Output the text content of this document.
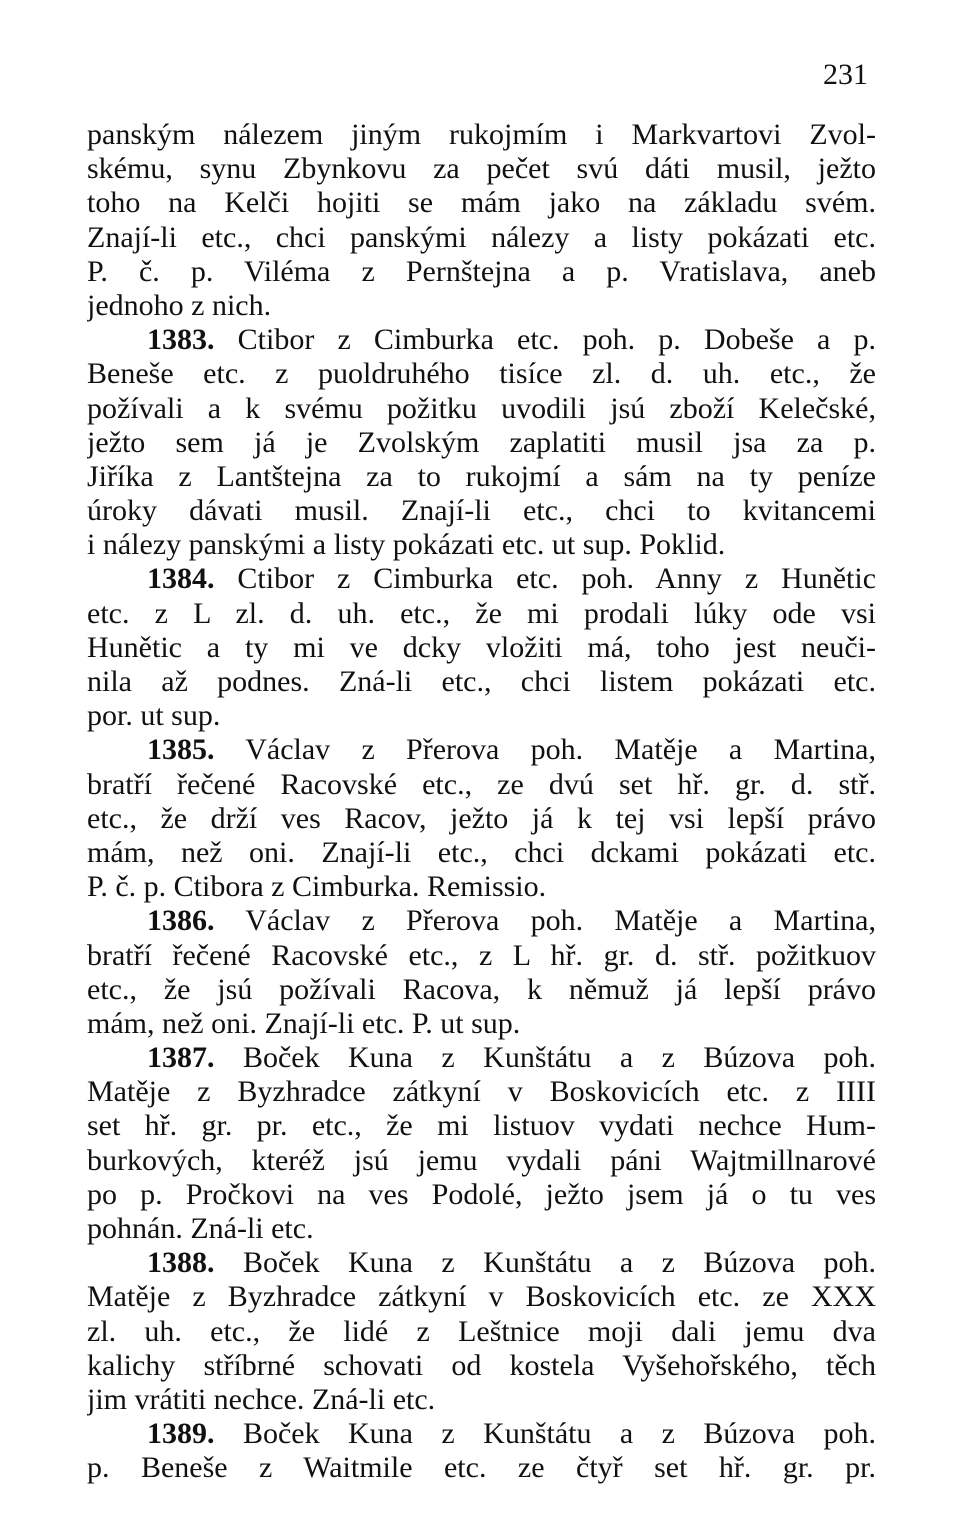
231
panským nálezem jiným rukojmím i Markvartovi Zvol-
skému, synu Zbynkovu za pečet svú dáti musil, ježto
toho na Kelči hojiti se mám jako na základu svém.
Znají-li etc., chci panskými nálezy a listy pokázati etc.
P. č. p. Viléma z Pernštejna a p. Vratislava, aneb
jednoho z nich.
1383. Ctibor z Cimburka etc. poh. p. Dobeše a p.
Beneše etc. z puoldruhého tisíce zl. d. uh. etc., že
požívali a k svému požitku uvodili jsú zboží Kelečské,
ježto sem já je Zvolským zaplatiti musil jsa za p.
Jiříka z Lantštejna za to rukojmí a sám na ty peníze
úroky dávati musil. Znají-li etc., chci to kvitancemi
i nálezy panskými a listy pokázati etc. ut sup. Poklid.
1384. Ctibor z Cimburka etc. poh. Anny z Hunětic
etc. z L zl. d. uh. etc., že mi prodali lúky ode vsi
Hunětic a ty mi ve dcky vložiti má, toho jest neuči-
nila až podnes. Zná-li etc., chci listem pokázati etc.
por. ut sup.
1385. Václav z Přerova poh. Matěje a Martina,
bratří řečené Racovské etc., ze dvú set hř. gr. d. stř.
etc., že drží ves Racov, ježto já k tej vsi lepší právo
mám, než oni. Znají-li etc., chci dckami pokázati etc.
P. č. p. Ctibora z Cimburka. Remissio.
1386. Václav z Přerova poh. Matěje a Martina,
bratří řečené Racovské etc., z L hř. gr. d. stř. požitkuov
etc., že jsú požívali Racova, k němuž já lepší právo
mám, než oni. Znají-li etc. P. ut sup.
1387. Boček Kuna z Kunštátu a z Búzova poh.
Matěje z Byzhradce zátkyní v Boskovicích etc. z IIII
set hř. gr. pr. etc., že mi listuov vydati nechce Hum-
burkových, kteréž jsú jemu vydali páni Wajtmillnarové
po p. Pročkovi na ves Podolé, ježto jsem já o tu ves
pohnán. Zná-li etc.
1388. Boček Kuna z Kunštátu a z Búzova poh.
Matěje z Byzhradce zátkyní v Boskovicích etc. ze XXX
zl. uh. etc., že lidé z Leštnice moji dali jemu dva
kalichy stříbrné schovati od kostela Vyšehořského, těch
jim vrátiti nechce. Zná-li etc.
1389. Boček Kuna z Kunštátu a z Búzova poh.
p. Beneše z Waitmile etc. ze čtyř set hř. gr. pr.
